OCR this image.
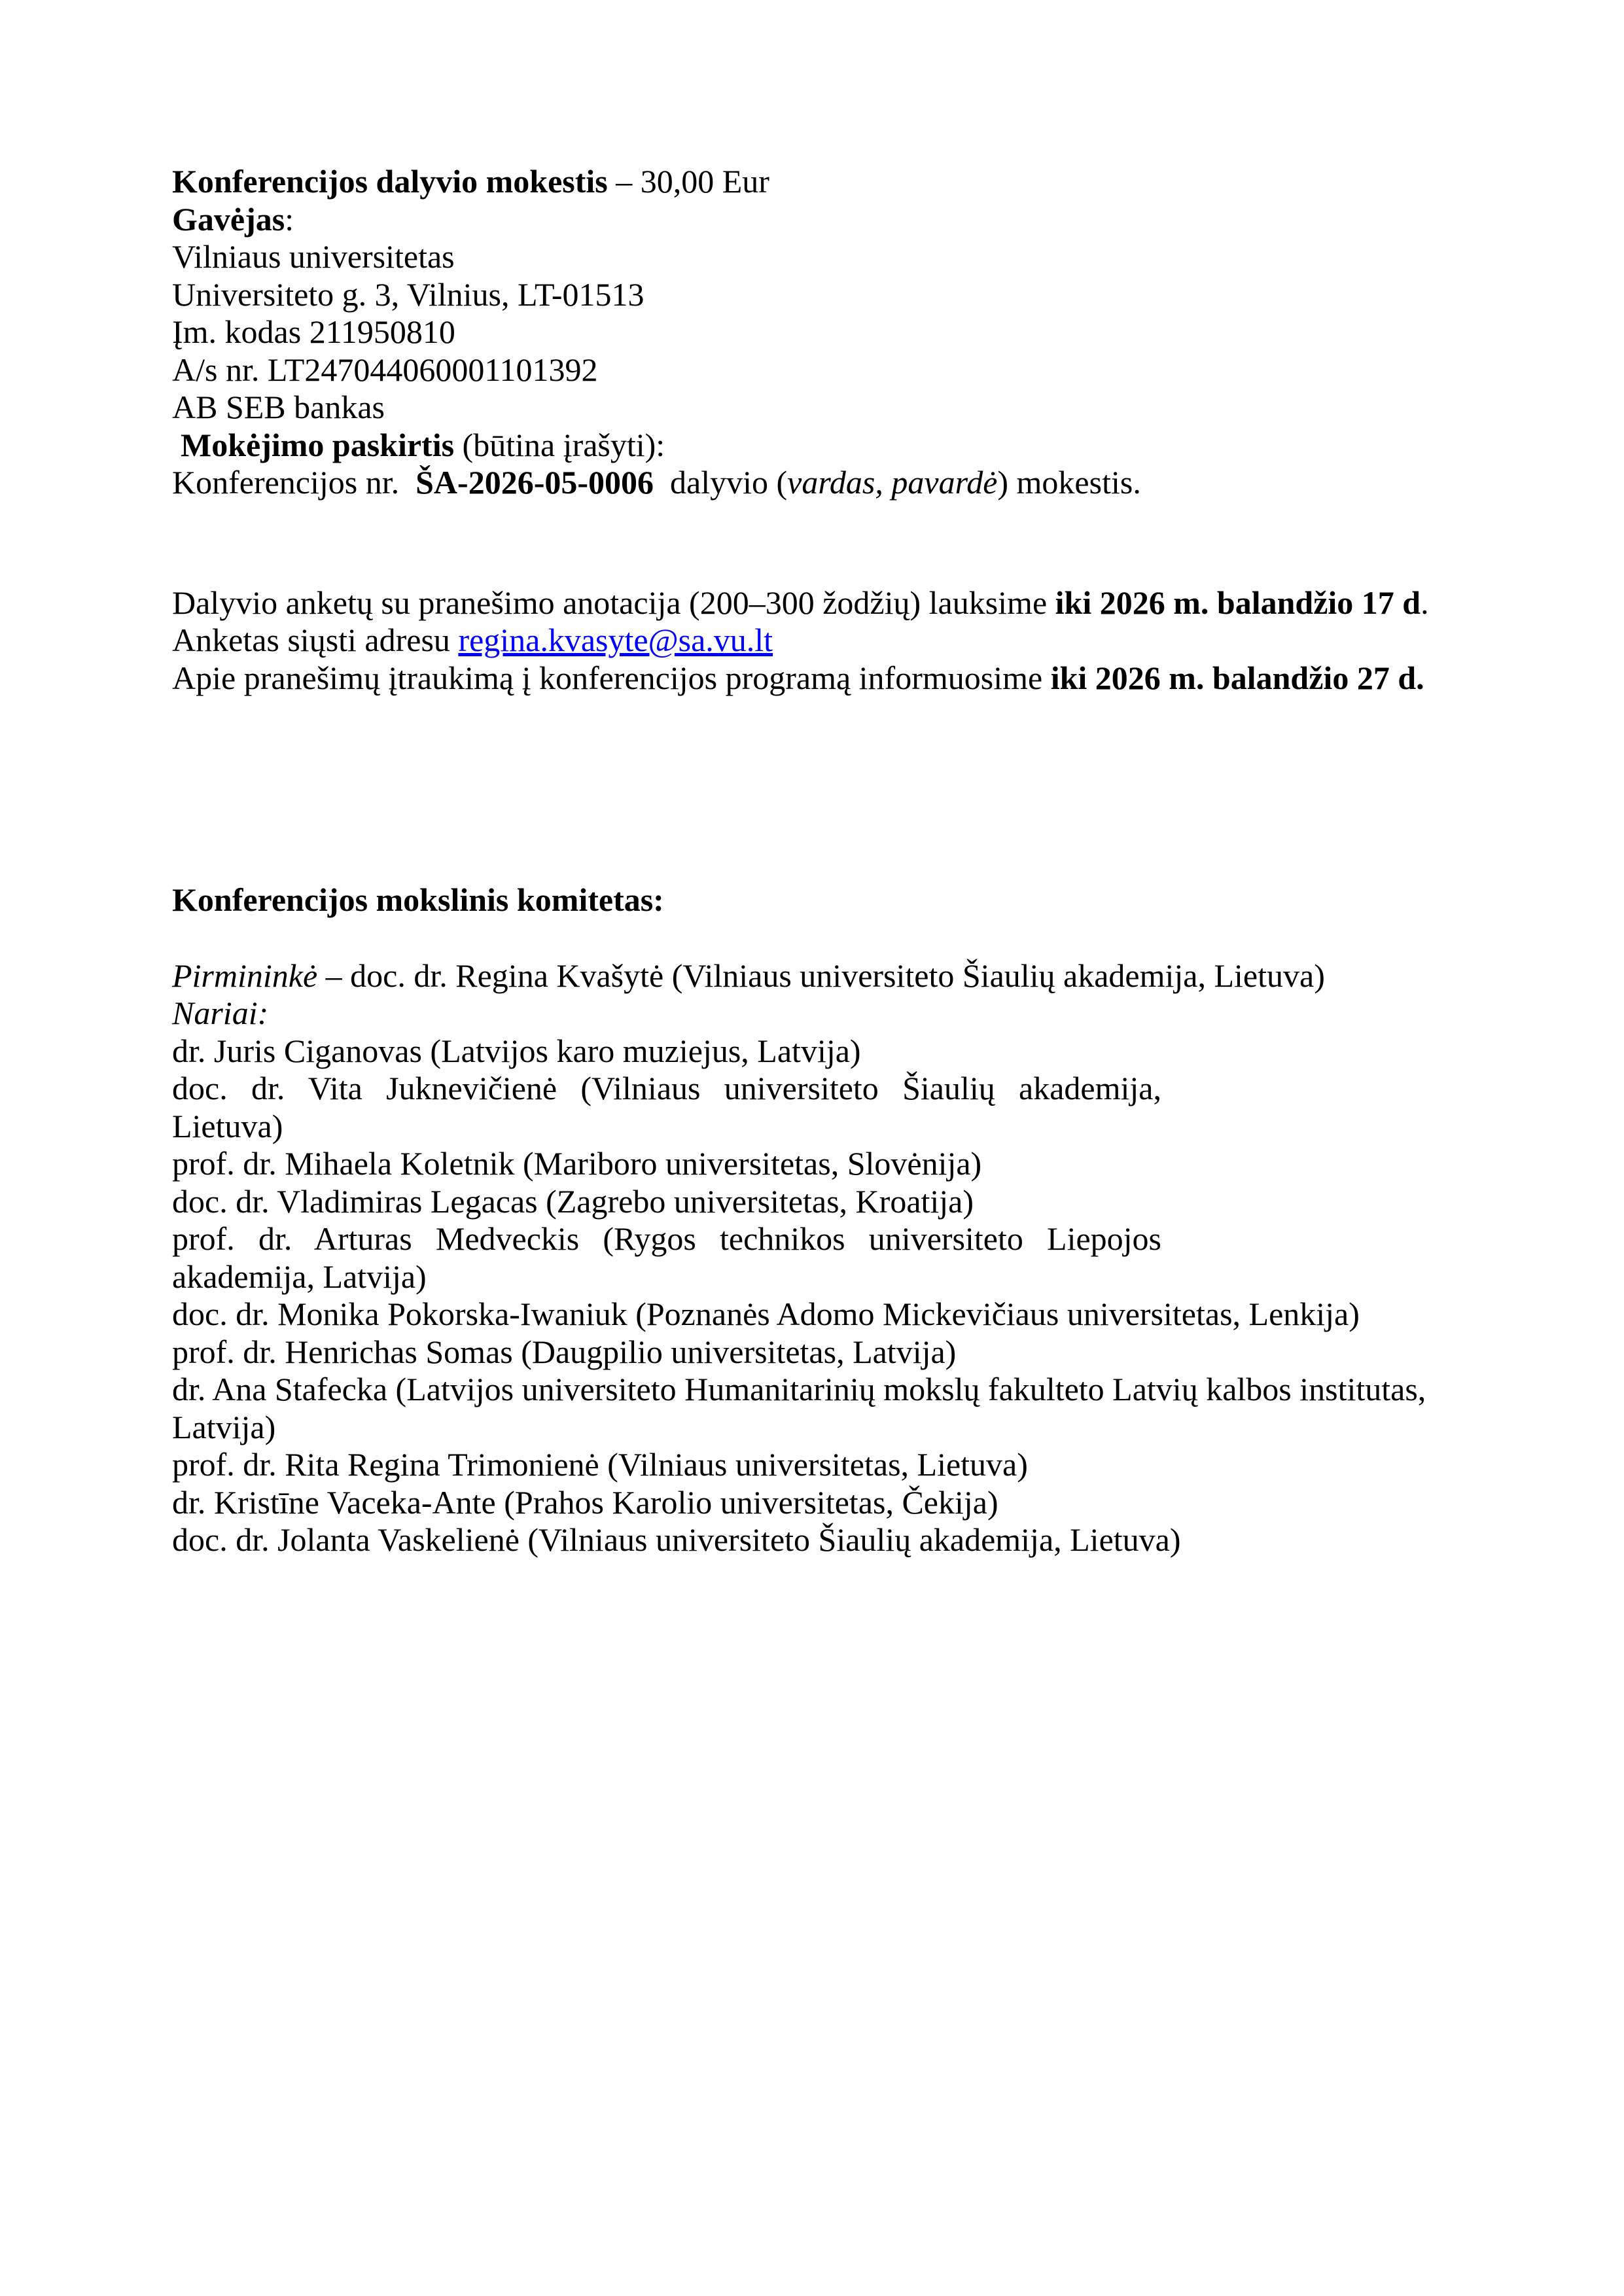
Konferencijos dalyvio mokestis – 30,00 Eur
Gavėjas:
Vilniaus universitetas
Universiteto g. 3, Vilnius, LT-01513
Įm. kodas 211950810
A/s nr. LT247044060001101392
AB SEB bankas
Mokėjimo paskirtis (būtina įrašyti):
Konferencijos nr.  ŠA-2026-05-0006  dalyvio (vardas, pavardė) mokestis.
Dalyvio anketų su pranešimo anotacija (200–300 žodžių) lauksime iki 2026 m. balandžio 17 d.
Anketas siųsti adresu regina.kvasyte@sa.vu.lt
Apie pranešimų įtraukimą į konferencijos programą informuosime iki 2026 m. balandžio 27 d.
Konferencijos mokslinis komitetas:
Pirmininkė – doc. dr. Regina Kvašytė (Vilniaus universiteto Šiaulių akademija, Lietuva)
Nariai:
dr. Juris Ciganovas (Latvijos karo muziejus, Latvija)
doc. dr. Vita Juknevičienė (Vilniaus universiteto Šiaulių akademija,
Lietuva)
prof. dr. Mihaela Koletnik (Mariboro universitetas, Slovėnija)
doc. dr. Vladimiras Legacas (Zagrebo universitetas, Kroatija)
prof. dr. Arturas Medveckis (Rygos technikos universiteto Liepojos
akademija, Latvija)
doc. dr. Monika Pokorska-Iwaniuk (Poznanės Adomo Mickevičiaus universitetas, Lenkija)
prof. dr. Henrichas Somas (Daugpilio universitetas, Latvija)
dr. Ana Stafecka (Latvijos universiteto Humanitarinių mokslų fakulteto Latvių kalbos institutas,
Latvija)
prof. dr. Rita Regina Trimonienė (Vilniaus universitetas, Lietuva)
dr. Kristīne Vaceka-Ante (Prahos Karolio universitetas, Čekija)
doc. dr. Jolanta Vaskelienė (Vilniaus universiteto Šiaulių akademija, Lietuva)
